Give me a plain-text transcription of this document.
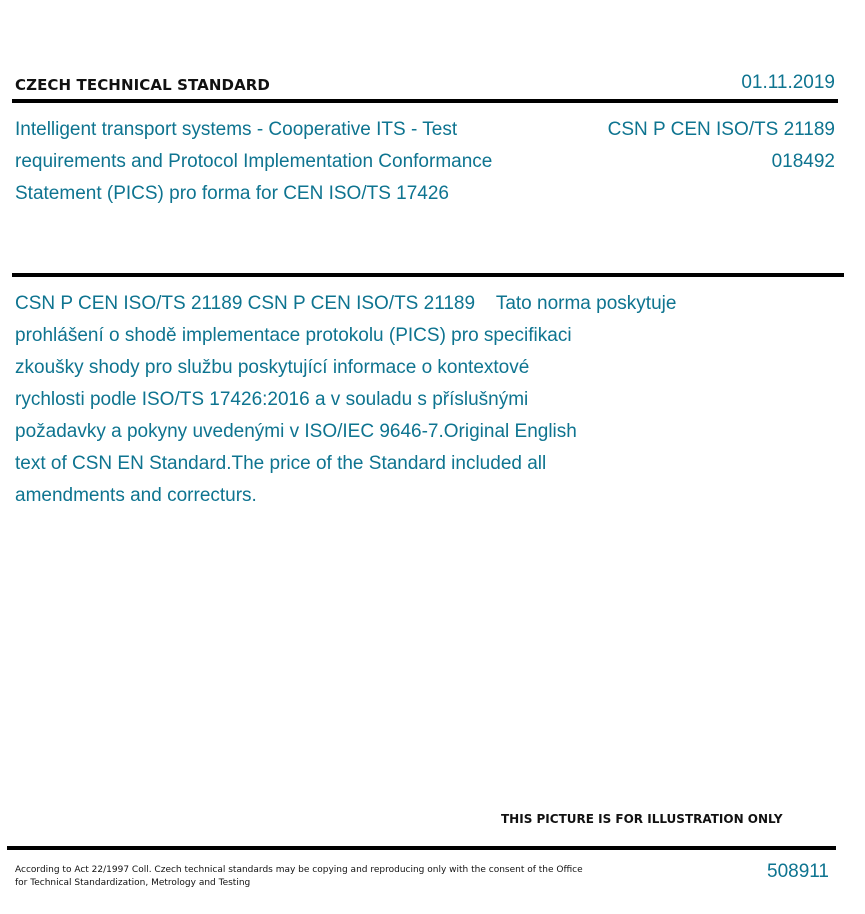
CZECH TECHNICAL STANDARD	01.11.2019
Intelligent transport systems - Cooperative ITS - Test
requirements and Protocol Implementation Conformance
Statement (PICS) pro forma for CEN ISO/TS 17426
CSN P CEN ISO/TS 21189
018492
CSN P CEN ISO/TS 21189 CSN P CEN ISO/TS 21189    Tato norma poskytuje
prohlášení o shodě implementace protokolu (PICS) pro specifikaci
zkoušky shody pro službu poskytující informace o kontextové
rychlosti podle ISO/TS 17426:2016 a v souladu s příslušnými
požadavky a pokyny uvedenými v ISO/IEC 9646-7.Original English
text of CSN EN Standard.The price of the Standard included all
amendments and correcturs.
THIS PICTURE IS FOR ILLUSTRATION ONLY
According to Act 22/1997 Coll. Czech technical standards may be copying and reproducing only with the consent of the Office
for Technical Standardization, Metrology and Testing
508911
